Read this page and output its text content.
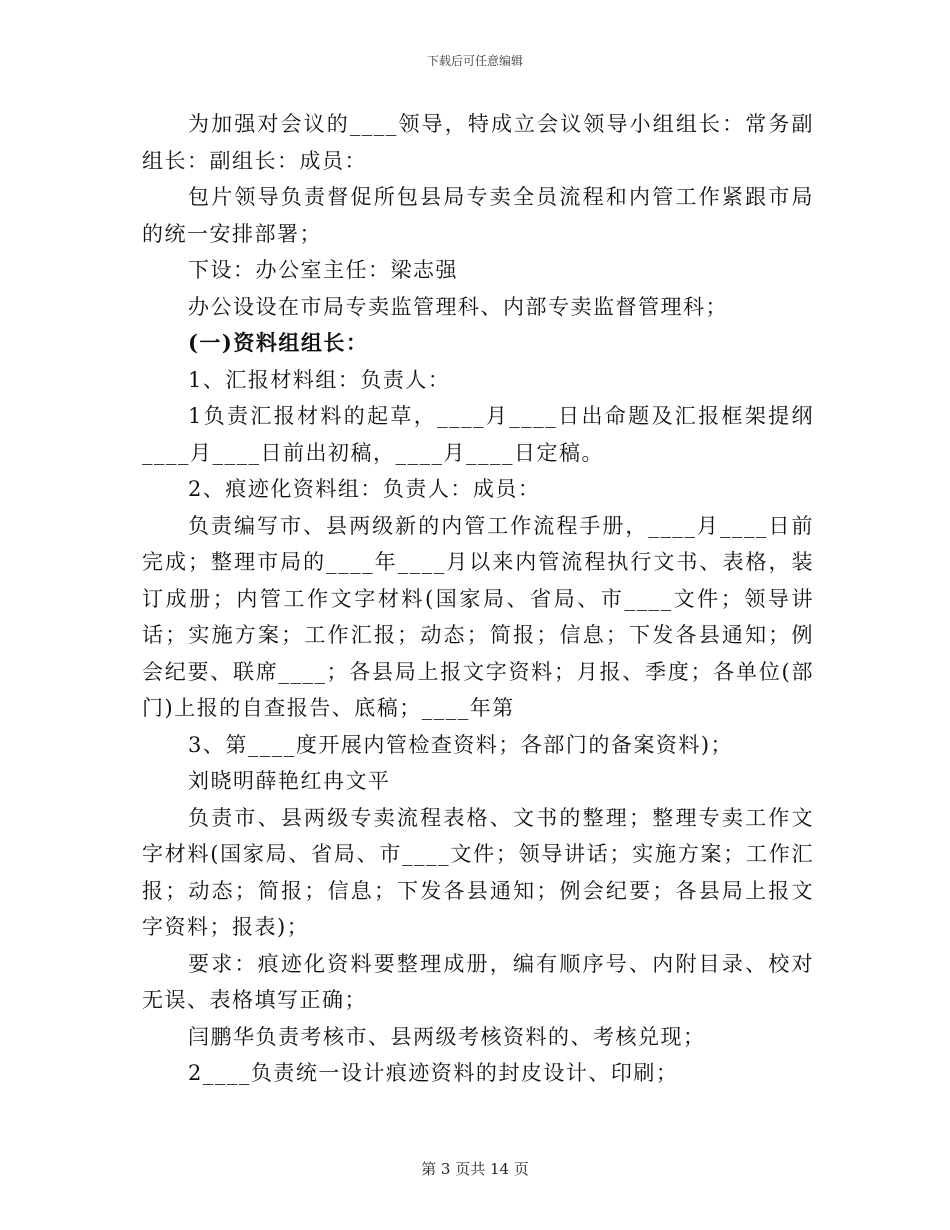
下载后可任意编辑

为加强对会议的____领导，特成立会议领导小组组长：常务副组长：副组长：成员：

包片领导负责督促所包县局专卖全员流程和内管工作紧跟市局的统一安排部署；

下设：办公室主任：梁志强

办公设设在市局专卖监管理科、内部专卖监督管理科；

(一)资料组组长：

1、汇报材料组：负责人：

1负责汇报材料的起草，____月____日出命题及汇报框架提纲____月____日前出初稿，____月____日定稿。

2、痕迹化资料组：负责人：成员：

负责编写市、县两级新的内管工作流程手册，____月____日前完成；整理市局的____年____月以来内管流程执行文书、表格，装订成册；内管工作文字材料(国家局、省局、市____文件；领导讲话；实施方案；工作汇报；动态；简报；信息；下发各县通知；例会纪要、联席____；各县局上报文字资料；月报、季度；各单位(部门)上报的自查报告、底稿；____年第

3、第____度开展内管检查资料；各部门的备案资料)；

刘晓明薛艳红冉文平

负责市、县两级专卖流程表格、文书的整理；整理专卖工作文字材料(国家局、省局、市____文件；领导讲话；实施方案；工作汇报；动态；简报；信息；下发各县通知；例会纪要；各县局上报文字资料；报表)；

要求：痕迹化资料要整理成册，编有顺序号、内附目录、校对无误、表格填写正确；

闫鹏华负责考核市、县两级考核资料的、考核兑现；

2____负责统一设计痕迹资料的封皮设计、印刷；

第 3 页共 14 页
